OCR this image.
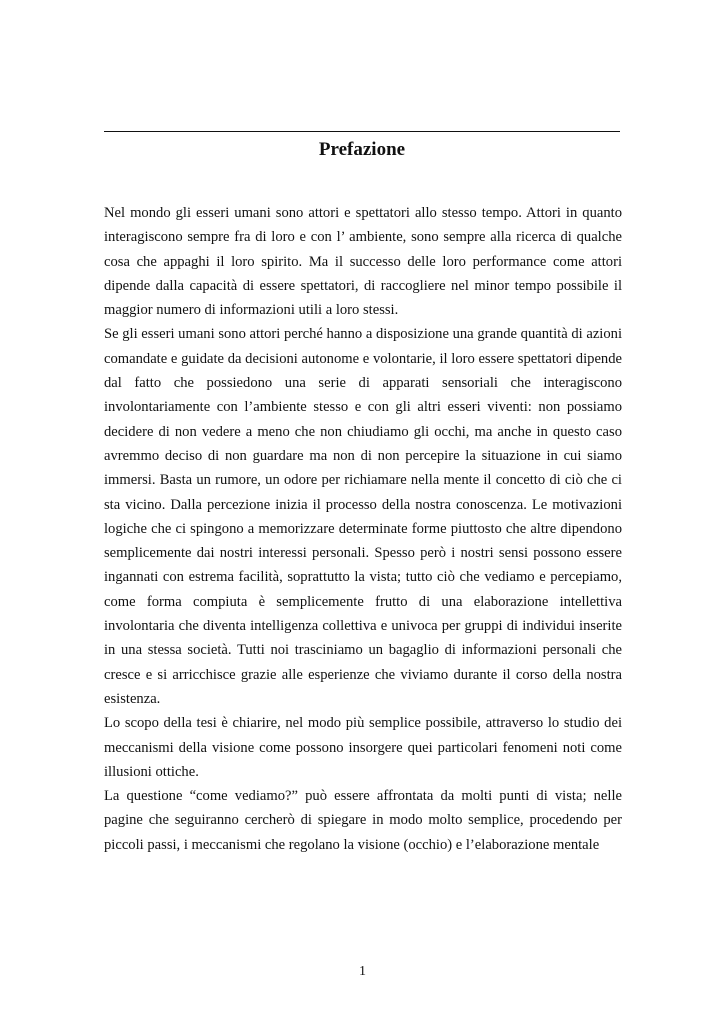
Prefazione

Nel mondo gli esseri umani sono attori e spettatori allo stesso tempo. Attori in quanto interagiscono sempre fra di loro e con l’ ambiente, sono sempre alla ricerca di qualche cosa che appaghi il loro spirito. Ma il successo delle loro performance come attori dipende dalla capacità di essere spettatori, di raccogliere nel minor tempo possibile il maggior numero di informazioni utili a loro stessi.

Se gli esseri umani sono attori perché hanno a disposizione una grande quantità di azioni comandate e guidate da decisioni autonome e volontarie, il loro essere spettatori dipende dal fatto che possiedono una serie di apparati sensoriali che interagiscono involontariamente con l’ambiente stesso e con gli altri esseri viventi: non possiamo decidere di non vedere a meno che non chiudiamo gli occhi, ma anche in questo caso avremmo deciso di non guardare ma non di non percepire la situazione in cui siamo immersi. Basta un rumore, un odore per richiamare nella mente il concetto di ciò che ci sta vicino. Dalla percezione inizia il processo della nostra conoscenza. Le motivazioni logiche che ci spingono a memorizzare determinate forme piuttosto che altre dipendono semplicemente dai nostri interessi personali. Spesso però i nostri sensi possono essere ingannati con estrema facilità, soprattutto la vista; tutto ciò che vediamo e percepiamo, come forma compiuta è semplicemente frutto di una elaborazione intellettiva involontaria che diventa intelligenza collettiva e univoca per gruppi di individui inserite in una stessa società. Tutti noi trasciniamo un bagaglio di informazioni personali che cresce e si arricchisce grazie alle esperienze che viviamo durante il corso della nostra esistenza.

Lo scopo della tesi è chiarire, nel modo più semplice possibile, attraverso lo studio dei meccanismi della visione come possono insorgere quei particolari fenomeni noti come illusioni ottiche.

La questione “come vediamo?” può essere affrontata da molti punti di vista; nelle pagine che seguiranno cercherò di spiegare in modo molto semplice, procedendo per piccoli passi, i meccanismi che regolano la visione (occhio) e l’elaborazione mentale

1
